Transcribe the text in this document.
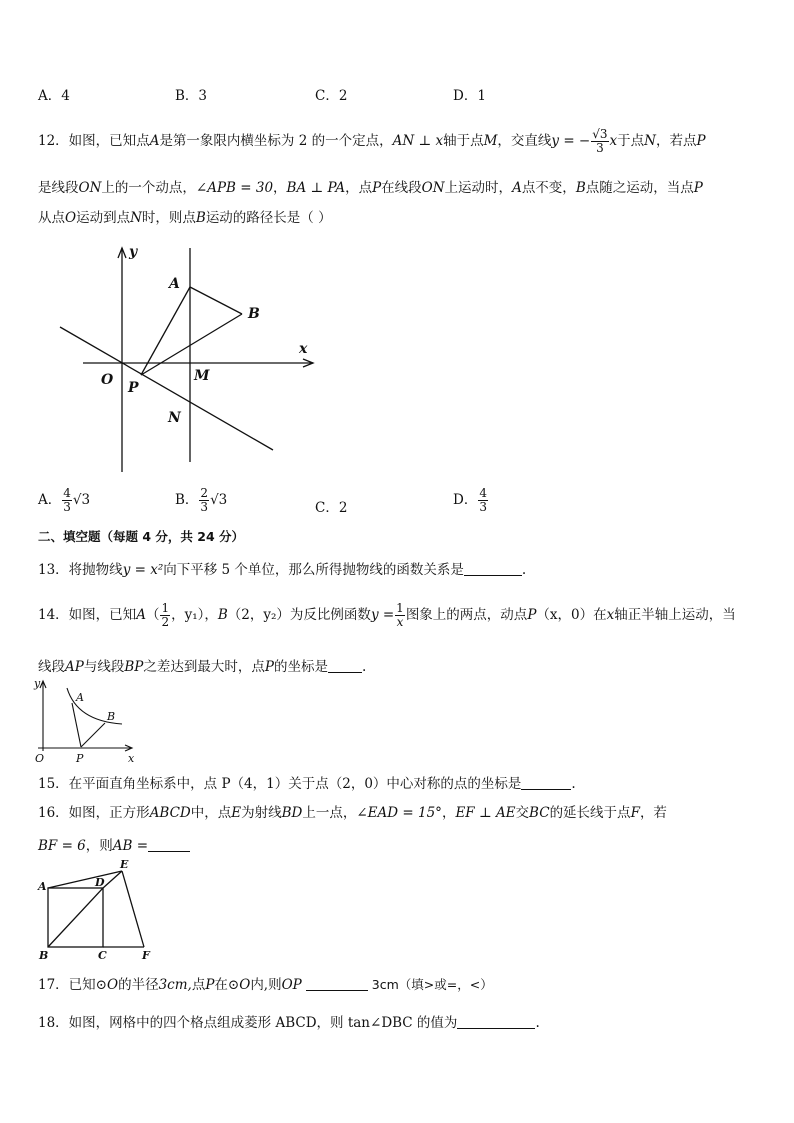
A．4	B．3	C．2	D．1
12．如图，已知点A是第一象限内横坐标为 2 的一个定点，AN ⊥ x轴于点M，交直线y = − $\frac{√3}{3}$ x于点N，若点P
是线段ON上的一个动点，∠APB = 30，BA ⊥ PA，点P在线段ON上运动时，A点不变，B点随之运动，当点P
从点O运动到点N时，则点B运动的路径长是（ ）
y
x
A
B
O P
M
N
A． $\frac{4}{3} √3$	B． $\frac{2}{3} √3$	C．2	D． $\frac{4}{3}$
二、填空题（每题 4 分，共 24 分）
13．将抛物线y = x²向下平移 5 个单位，那么所得抛物线的函数关系是	.
14．如图，已知$A( \frac{1}{2}$ ，y₁），B（2，y₂）为反比例函数$y = \frac{1}{x}$ 图象上的两点，动点P（x，0）在x轴正半轴上运动，当
线段AP与线段BP之差达到最大时，点P的坐标是	.
y
x
A
B
O	P
15．在平面直角坐标系中，点 P（4，1）关于点（2，0）中心对称的点的坐标是	.
16．如图，正方形ABCD中，点E为射线BD上一点，∠EAD = 15°，EF ⊥ AE交BC的延长线于点F，若
BF = 6，则AB =
A
B	C
D
E
F
17．已知⊙O的半径3cm,点P在⊙O内,则OP	3cm（填>或=，<）
18．如图，网格中的四个格点组成菱形 ABCD，则 tan∠DBC 的值为	.
